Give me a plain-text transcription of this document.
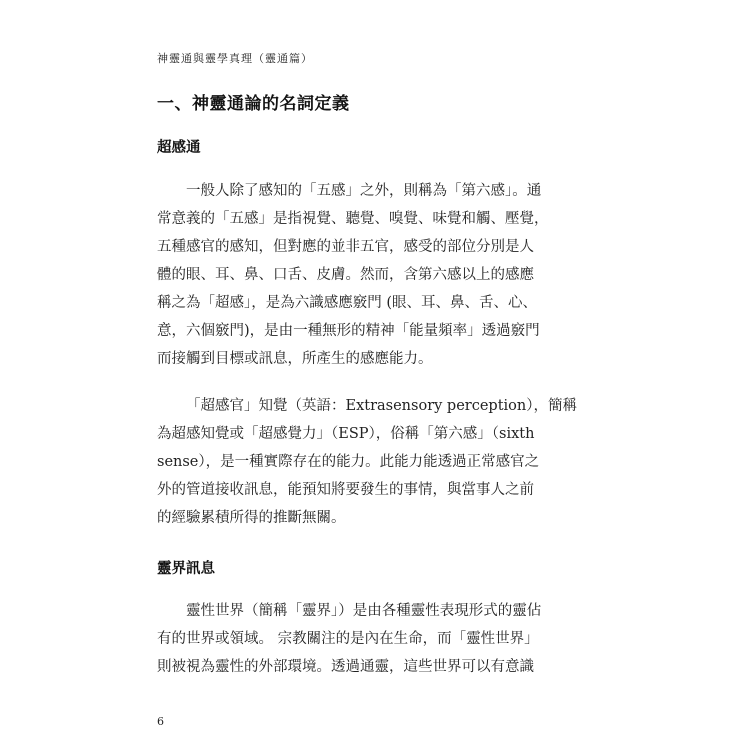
神靈通與靈學真理（靈通篇）
一、神靈通論的名詞定義
超感通
一般人除了感知的「五感」之外，則稱為「第六感」。通
常意義的「五感」是指視覺、聽覺、嗅覺、味覺和觸、壓覺，
五種感官的感知，但對應的並非五官，感受的部位分別是人
體的眼、耳、鼻、口舌、皮膚。然而，含第六感以上的感應
稱之為「超感」，是為六識感應竅門 (眼、耳、鼻、舌、心、
意，六個竅門)，是由一種無形的精神「能量頻率」透過竅門
而接觸到目標或訊息，所產生的感應能力。
「超感官」知覺（英語：Extrasensory perception），簡稱
為超感知覺或「超感覺力」（ESP），俗稱「第六感」（sixth
sense），是一種實際存在的能力。此能力能透過正常感官之
外的管道接收訊息，能預知將要發生的事情，與當事人之前
的經驗累積所得的推斷無關。
靈界訊息
靈性世界（簡稱「靈界」）是由各種靈性表現形式的靈佔
有的世界或領域。 宗教關注的是內在生命，而「靈性世界」
則被視為靈性的外部環境。透過通靈，這些世界可以有意識
6
